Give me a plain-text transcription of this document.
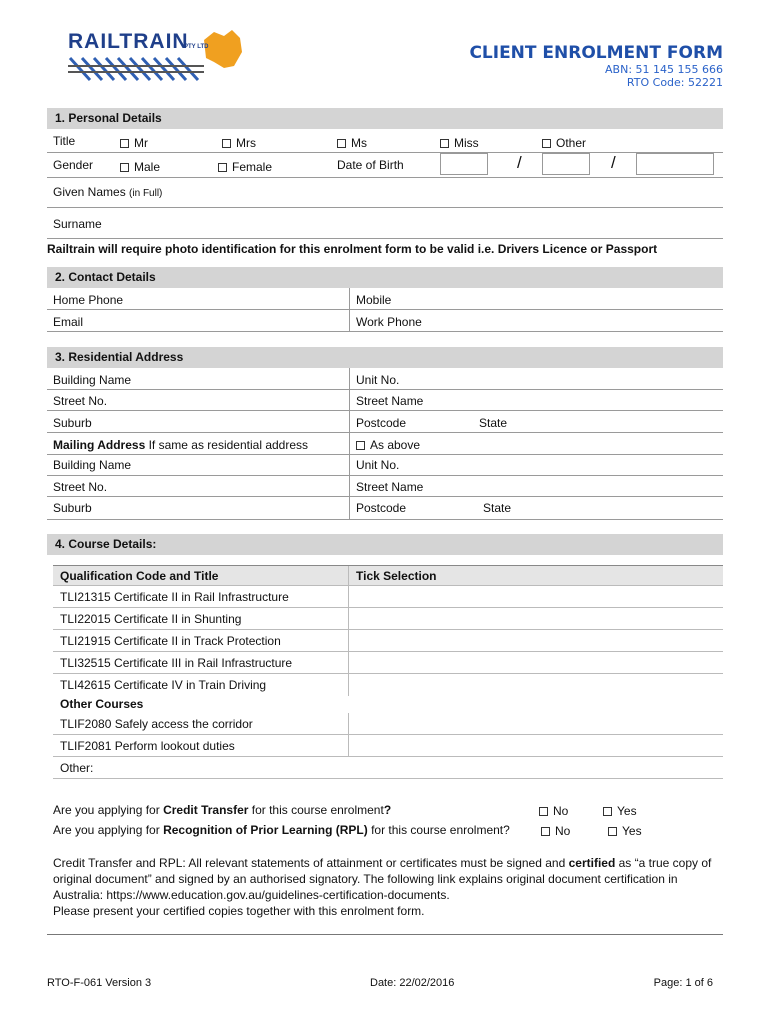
RAILTRAIN
PTY LTD	CLIENT ENROLMENT FORM
ABN: 51 145 155 666
RTO Code: 52221
1. Personal Details
Title	Mr	Mrs	Ms	Miss	Other
Gender	Male	Female	Date of Birth	/	/
Given Names (in Full)
Surname
Railtrain will require photo identification for this enrolment form to be valid i.e. Drivers Licence or Passport
2. Contact Details
Home Phone	Mobile
Email	Work Phone
3. Residential Address
Building Name	Unit No.
Street No.	Street Name
Suburb	Postcode	State
Mailing Address If same as residential address	As above
Building Name	Unit No.
Street No.	Street Name
Suburb	Postcode	State
4. Course Details:
Qualification Code and Title	Tick Selection
TLI21315 Certificate II in Rail Infrastructure
TLI22015 Certificate II in Shunting
TLI21915 Certificate II in Track Protection
TLI32515 Certificate III in Rail Infrastructure
TLI42615 Certificate IV in Train Driving
Other Courses
TLIF2080 Safely access the corridor
TLIF2081 Perform lookout duties
Other:
Are you applying for Credit Transfer for this course enrolment?	No	Yes
Are you applying for Recognition of Prior Learning (RPL) for this course enrolment?	No	Yes
Credit Transfer and RPL: All relevant statements of attainment or certificates must be signed and certified as “a true copy of original document” and signed by an authorised signatory. The following link explains original document certification in Australia: https://www.education.gov.au/guidelines-certification-documents.
Please present your certified copies together with this enrolment form.
RTO-F-061 Version 3	Date: 22/02/2016	Page: 1 of 6
